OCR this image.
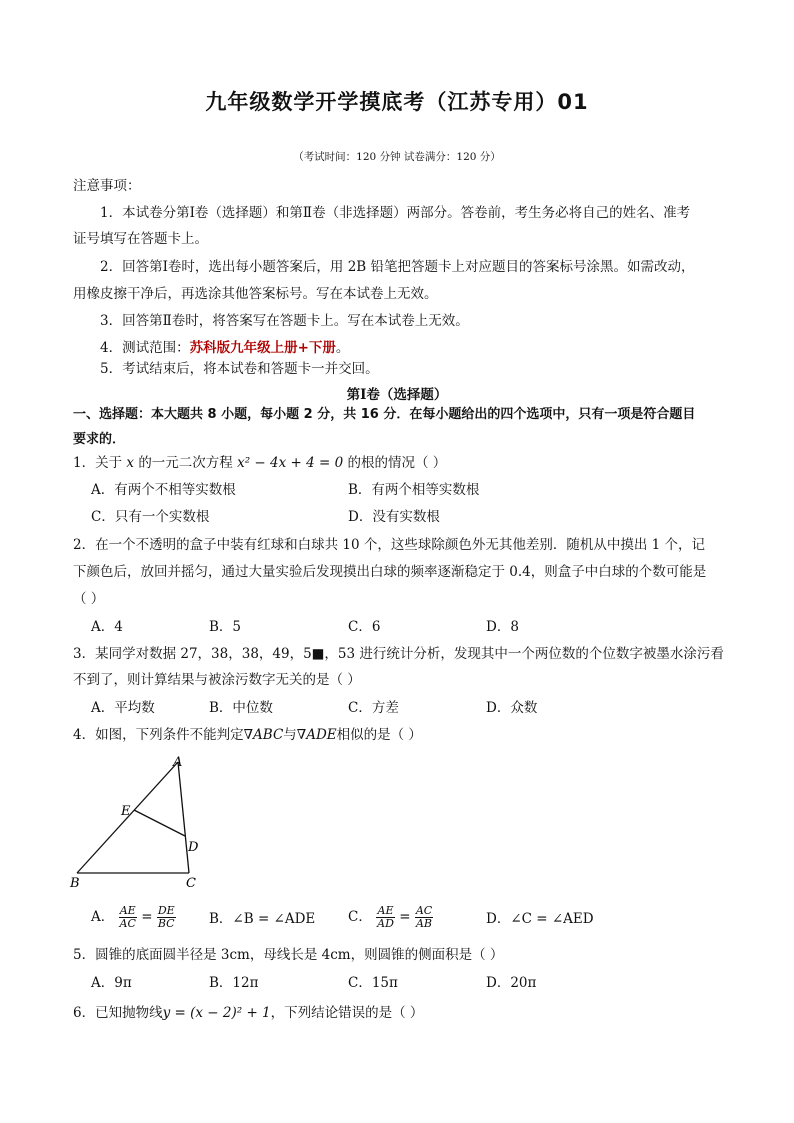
九年级数学开学摸底考（江苏专用）01
（考试时间：120 分钟 试卷满分：120 分）
注意事项：
1．本试卷分第Ⅰ卷（选择题）和第Ⅱ卷（非选择题）两部分。答卷前，考生务必将自己的姓名、准考
证号填写在答题卡上。
2．回答第Ⅰ卷时，选出每小题答案后，用 2B 铅笔把答题卡上对应题目的答案标号涂黑。如需改动，
用橡皮擦干净后，再选涂其他答案标号。写在本试卷上无效。
3．回答第Ⅱ卷时，将答案写在答题卡上。写在本试卷上无效。
4．测试范围：苏科版九年级上册+下册。
5．考试结束后，将本试卷和答题卡一并交回。
第Ⅰ卷（选择题）
一、选择题：本大题共 8 小题，每小题 2 分，共 16 分．在每小题给出的四个选项中，只有一项是符合题目
要求的．
1．关于 x 的一元二次方程 x² − 4x + 4 = 0 的根的情况（ ）
A．有两个不相等实数根	B．有两个相等实数根
C．只有一个实数根	D．没有实数根
2．在一个不透明的盒子中装有红球和白球共 10 个，这些球除颜色外无其他差别．随机从中摸出 1 个，记
下颜色后，放回并摇匀，通过大量实验后发现摸出白球的频率逐渐稳定于 0.4，则盒子中白球的个数可能是
（ ）
A．4	B．5	C．6	D．8
3．某同学对数据 27，38，38，49，5■，53 进行统计分析，发现其中一个两位数的个位数字被墨水涂污看
不到了，则计算结果与被涂污数字无关的是（ ）
A．平均数	B．中位数	C．方差	D．众数
4．如图，下列条件不能判定∇ABC与∇ADE相似的是（ ）
A
E
D
B	C
A． $\frac{AE}{AC} = \frac{DE}{BC}$ B．∠B = ∠ADE C． $\frac{AE}{AD} = \frac{AC}{AB}$	D．∠C = ∠AED
5．圆锥的底面圆半径是 3cm，母线长是 4cm，则圆锥的侧面积是（ ）
A．9π	B．12π	C．15π	D．20π
6．已知抛物线y = (x − 2)² + 1，下列结论错误的是（ ）
